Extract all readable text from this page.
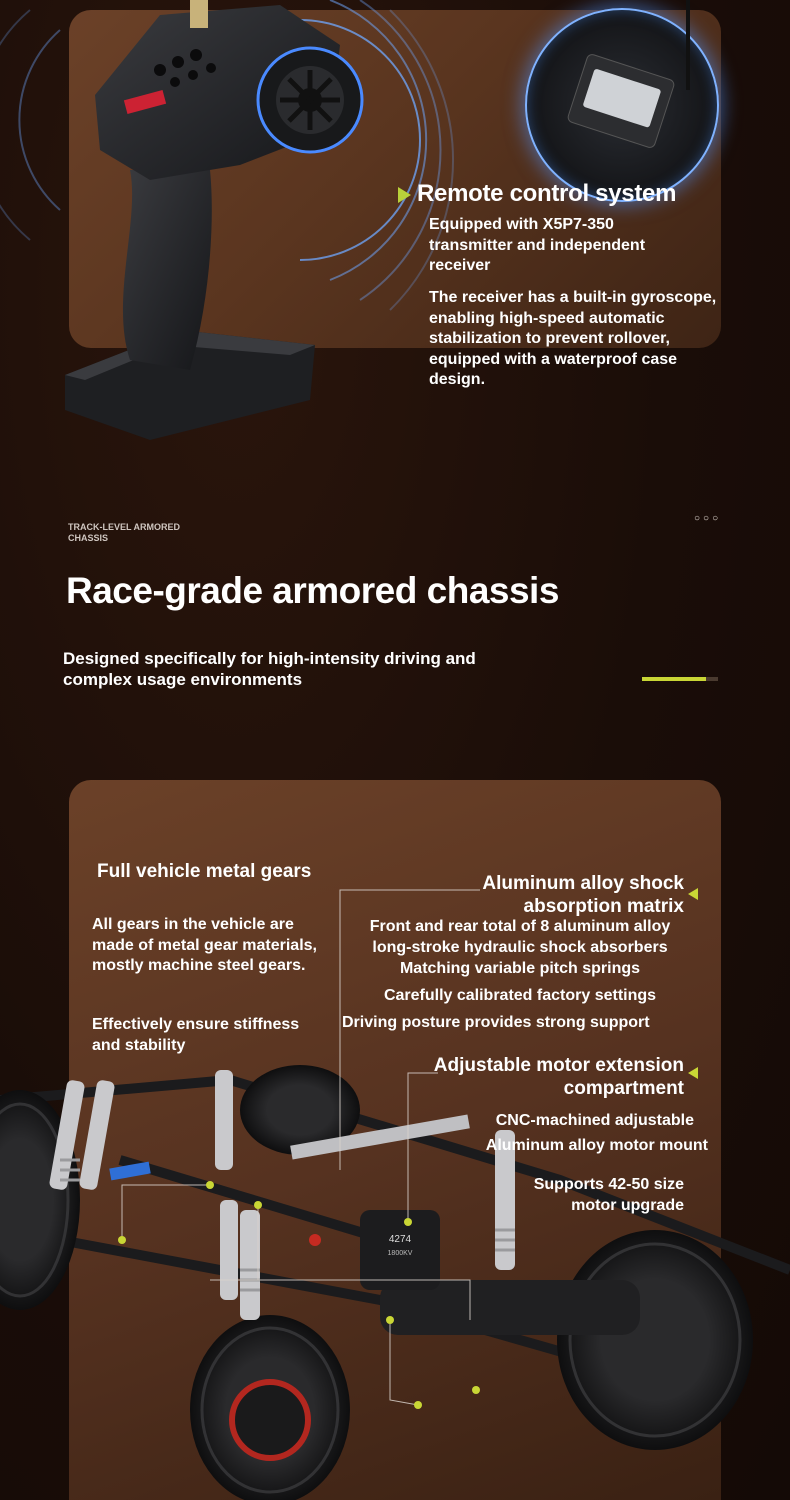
Remote control system
Equipped with X5P7-350 transmitter and independent receiver
The receiver has a built-in gyroscope, enabling high-speed automatic stabilization to prevent rollover, equipped with a waterproof case design.
TRACK-LEVEL ARMORED CHASSIS
○○○
Race-grade armored chassis
Designed specifically for high-intensity driving and complex usage environments
4274
1800KV
Full vehicle metal gears
All gears in the vehicle are made of metal gear materials, mostly machine steel gears.
Effectively ensure stiffness and stability
Aluminum alloy shock absorption matrix
Front and rear total of 8 aluminum alloy
long-stroke hydraulic shock absorbers
Matching variable pitch springs
Carefully calibrated factory settings
Driving posture provides strong support
Adjustable motor extension compartment
CNC-machined adjustable
Aluminum alloy motor mount
Supports 42-50 size motor upgrade
